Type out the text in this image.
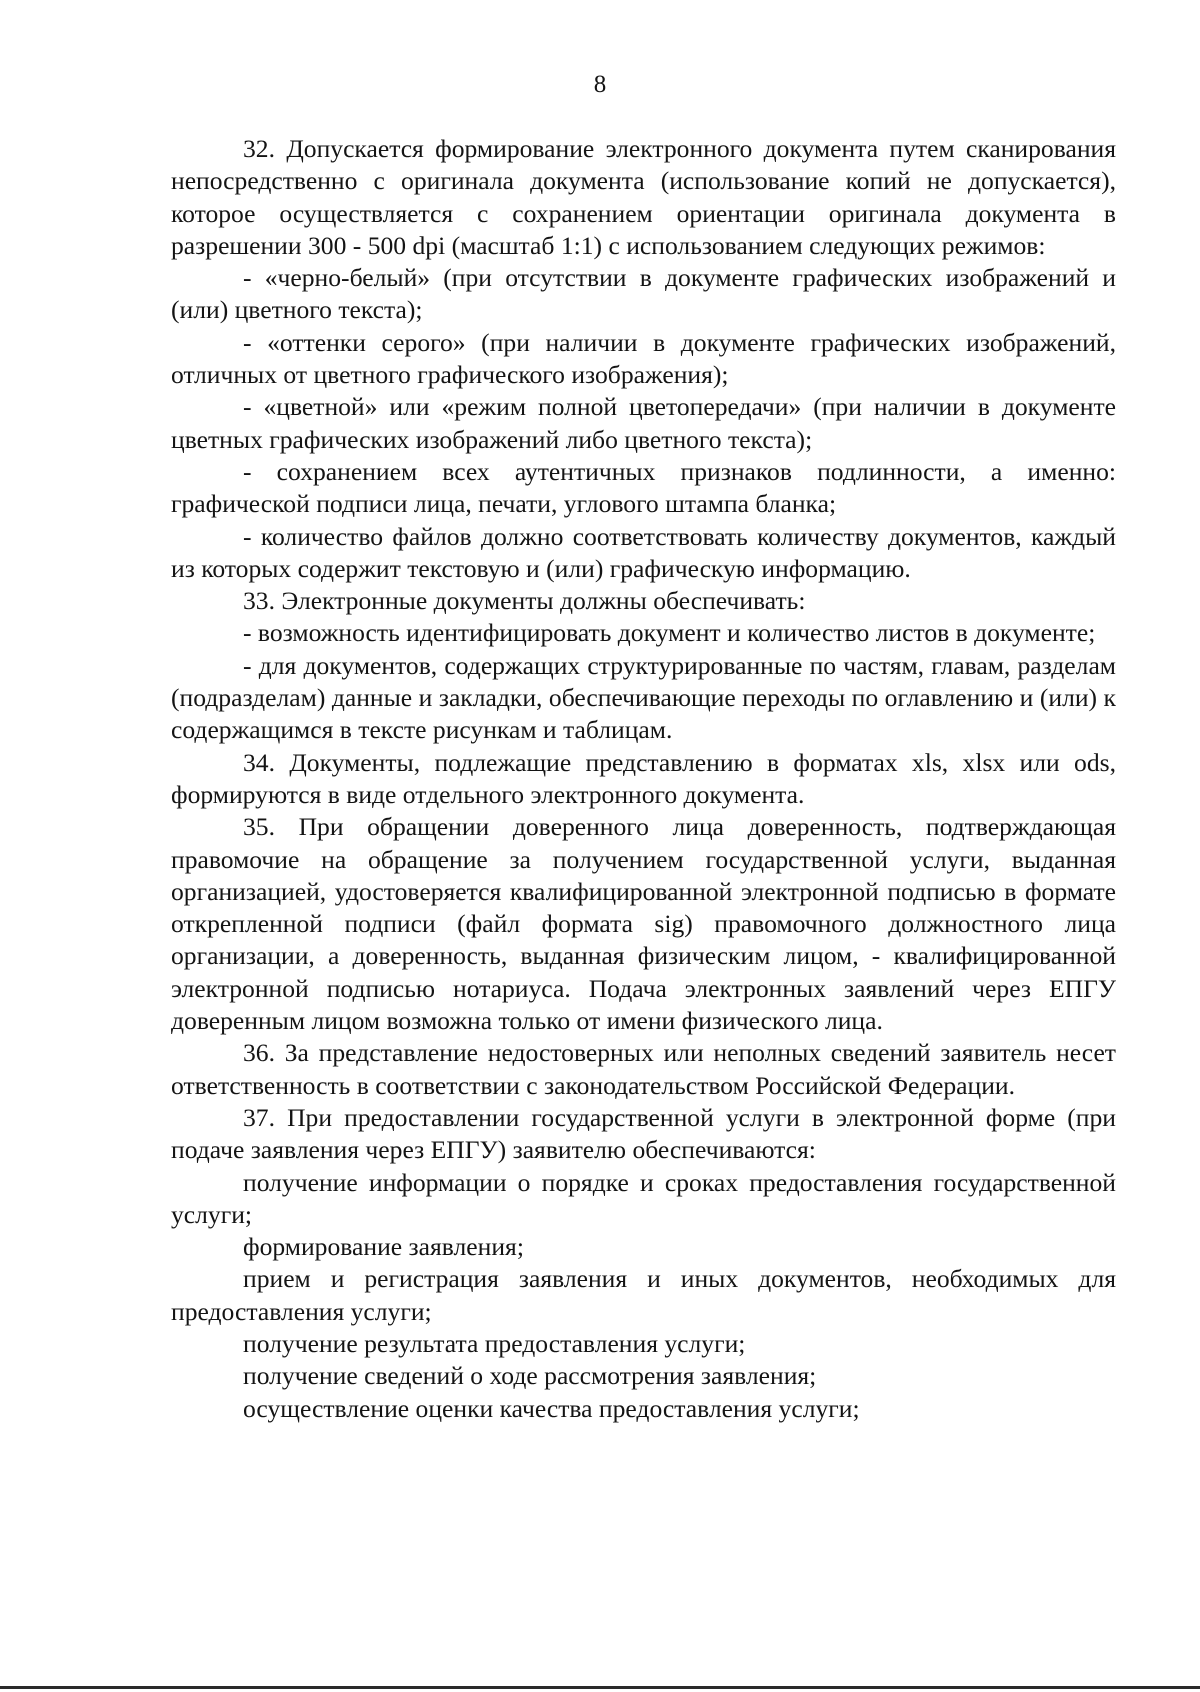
8

32. Допускается формирование электронного документа путем сканирования непосредственно с оригинала документа (использование копий не допускается), которое осуществляется с сохранением ориентации оригинала документа в разрешении 300 - 500 dpi (масштаб 1:1) с использованием следующих режимов:

- «черно-белый» (при отсутствии в документе графических изображений и (или) цветного текста);

- «оттенки серого» (при наличии в документе графических изображений, отличных от цветного графического изображения);

- «цветной» или «режим полной цветопередачи» (при наличии в документе цветных графических изображений либо цветного текста);

- сохранением всех аутентичных признаков подлинности, а именно: графической подписи лица, печати, углового штампа бланка;

- количество файлов должно соответствовать количеству документов, каждый из которых содержит текстовую и (или) графическую информацию.

33. Электронные документы должны обеспечивать:

- возможность идентифицировать документ и количество листов в документе;

- для документов, содержащих структурированные по частям, главам, разделам (подразделам) данные и закладки, обеспечивающие переходы по оглавлению и (или) к содержащимся в тексте рисункам и таблицам.

34. Документы, подлежащие представлению в форматах xls, xlsx или ods, формируются в виде отдельного электронного документа.

35. При обращении доверенного лица доверенность, подтверждающая правомочие на обращение за получением государственной услуги, выданная организацией, удостоверяется квалифицированной электронной подписью в формате открепленной подписи (файл формата sig) правомочного должностного лица организации, а доверенность, выданная физическим лицом, - квалифицированной электронной подписью нотариуса. Подача электронных заявлений через ЕПГУ доверенным лицом возможна только от имени физического лица.

36. За представление недостоверных или неполных сведений заявитель несет ответственность в соответствии с законодательством Российской Федерации.

37. При предоставлении государственной услуги в электронной форме (при подаче заявления через ЕПГУ) заявителю обеспечиваются:

получение информации о порядке и сроках предоставления государственной услуги;

формирование заявления;

прием и регистрация заявления и иных документов, необходимых для предоставления услуги;

получение результата предоставления услуги;

получение сведений о ходе рассмотрения заявления;

осуществление оценки качества предоставления услуги;
